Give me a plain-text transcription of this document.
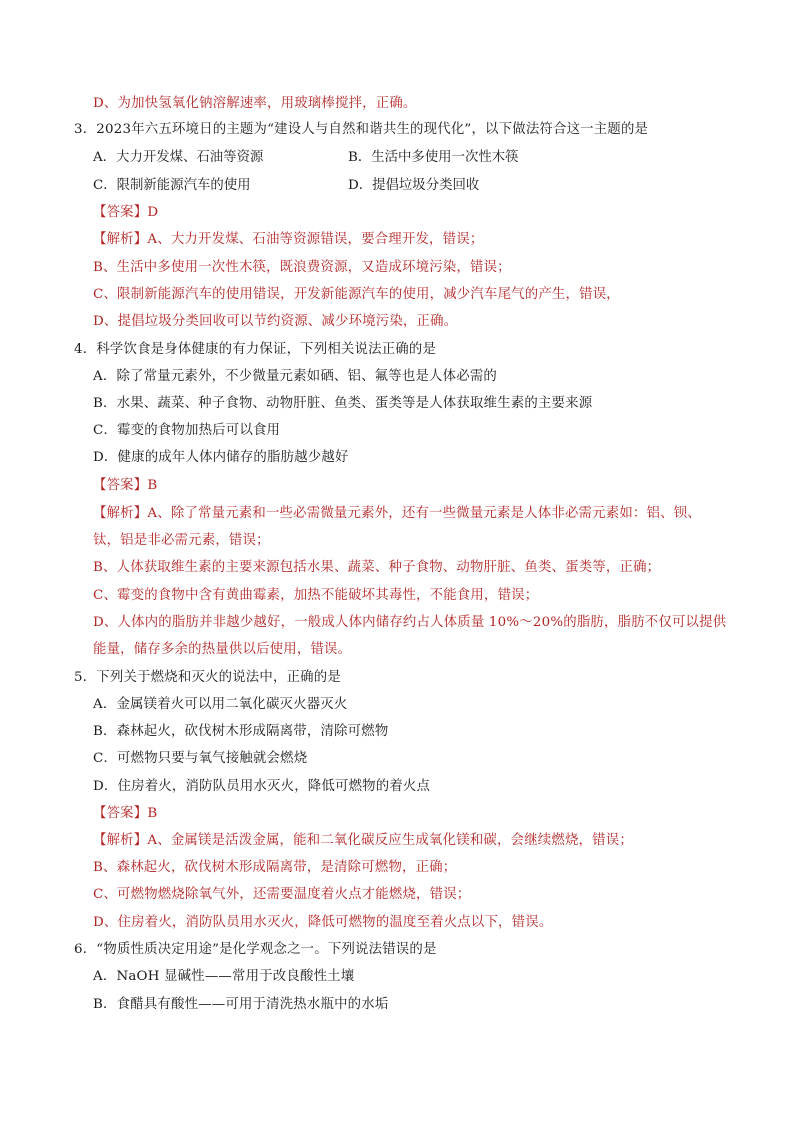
D、为加快氢氧化钠溶解速率，用玻璃棒搅拌，正确。
3．2023年六五环境日的主题为“建设人与自然和谐共生的现代化”，以下做法符合这一主题的是
A．大力开发煤、石油等资源	B．生活中多使用一次性木筷
C．限制新能源汽车的使用	D．提倡垃圾分类回收
【答案】D
【解析】A、大力开发煤、石油等资源错误，要合理开发，错误；
B、生活中多使用一次性木筷，既浪费资源，又造成环境污染，错误；
C、限制新能源汽车的使用错误，开发新能源汽车的使用，减少汽车尾气的产生，错误，
D、提倡垃圾分类回收可以节约资源、减少环境污染，正确。
4．科学饮食是身体健康的有力保证，下列相关说法正确的是
A．除了常量元素外，不少微量元素如硒、铝、氟等也是人体必需的
B．水果、蔬菜、种子食物、动物肝脏、鱼类、蛋类等是人体获取维生素的主要来源
C．霉变的食物加热后可以食用
D．健康的成年人体内储存的脂肪越少越好
【答案】B
【解析】A、除了常量元素和一些必需微量元素外，还有一些微量元素是人体非必需元素如：铝、钡、
钛，铝是非必需元素，错误；
B、人体获取维生素的主要来源包括水果、蔬菜、种子食物、动物肝脏、鱼类、蛋类等，正确；
C、霉变的食物中含有黄曲霉素，加热不能破坏其毒性，不能食用，错误；
D、人体内的脂肪并非越少越好，一般成人体内储存约占人体质量 10%～20%的脂肪，脂肪不仅可以提供
能量，储存多余的热量供以后使用，错误。
5．下列关于燃烧和灭火的说法中，正确的是
A．金属镁着火可以用二氧化碳灭火器灭火
B．森林起火，砍伐树木形成隔离带，清除可燃物
C．可燃物只要与氧气接触就会燃烧
D．住房着火，消防队员用水灭火，降低可燃物的着火点
【答案】B
【解析】A、金属镁是活泼金属，能和二氧化碳反应生成氧化镁和碳，会继续燃烧，错误；
B、森林起火，砍伐树木形成隔离带，是清除可燃物，正确；
C、可燃物燃烧除氧气外，还需要温度着火点才能燃烧，错误；
D、住房着火，消防队员用水灭火，降低可燃物的温度至着火点以下，错误。
6．“物质性质决定用途”是化学观念之一。下列说法错误的是
A．NaOH 显碱性——常用于改良酸性土壤
B．食醋具有酸性——可用于清洗热水瓶中的水垢
